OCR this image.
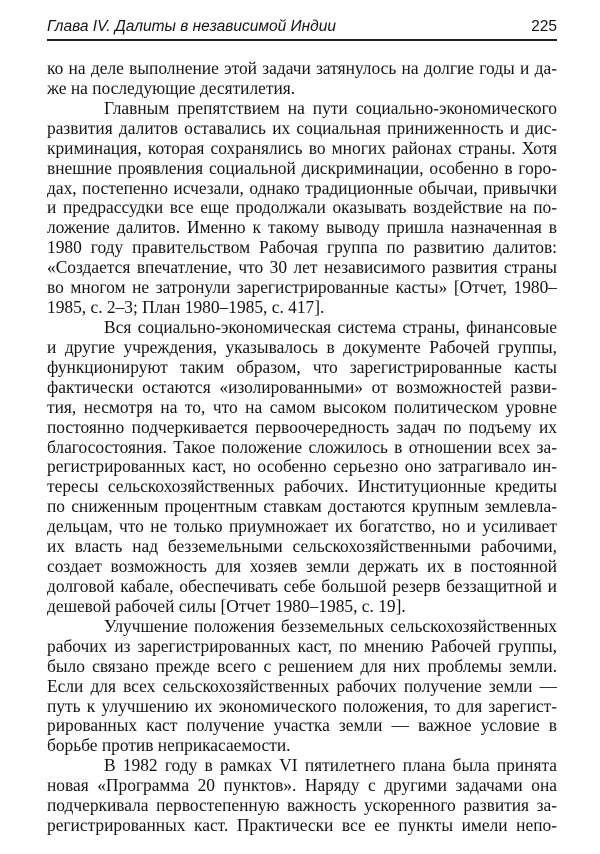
Глава IV. Далиты в независимой Индии	225
ко на деле выполнение этой задачи затянулось на долгие годы и да-
же на последующие десятилетия.
Главным препятствием на пути социально-экономического
развития далитов оставались их социальная приниженность и дис-
криминация, которая сохранялись во многих районах страны. Хотя
внешние проявления социальной дискриминации, особенно в горо-
дах, постепенно исчезали, однако традиционные обычаи, привычки
и предрассудки все еще продолжали оказывать воздействие на по-
ложение далитов. Именно к такому выводу пришла назначенная в
1980 году правительством Рабочая группа по развитию далитов:
«Создается впечатление, что 30 лет независимого развития страны
во многом не затронули зарегистрированные касты» [Отчет, 1980–
1985, с. 2–3; План 1980–1985, с. 417].
Вся социально-экономическая система страны, финансовые
и другие учреждения, указывалось в документе Рабочей группы,
функционируют таким образом, что зарегистрированные касты
фактически остаются «изолированными» от возможностей разви-
тия, несмотря на то, что на самом высоком политическом уровне
постоянно подчеркивается первоочередность задач по подъему их
благосостояния. Такое положение сложилось в отношении всех за-
регистрированных каст, но особенно серьезно оно затрагивало ин-
тересы сельскохозяйственных рабочих. Институционные кредиты
по сниженным процентным ставкам достаются крупным землевла-
дельцам, что не только приумножает их богатство, но и усиливает
их власть над безземельными сельскохозяйственными рабочими,
создает возможность для хозяев земли держать их в постоянной
долговой кабале, обеспечивать себе большой резерв беззащитной и
дешевой рабочей силы [Отчет 1980–1985, с. 19].
Улучшение положения безземельных сельскохозяйственных
рабочих из зарегистрированных каст, по мнению Рабочей группы,
было связано прежде всего с решением для них проблемы земли.
Если для всех сельскохозяйственных рабочих получение земли —
путь к улучшению их экономического положения, то для зарегист-
рированных каст получение участка земли — важное условие в
борьбе против неприкасаемости.
В 1982 году в рамках VI пятилетнего плана была принята
новая «Программа 20 пунктов». Наряду с другими задачами она
подчеркивала первостепенную важность ускоренного развития за-
регистрированных каст. Практически все ее пункты имели непо-
